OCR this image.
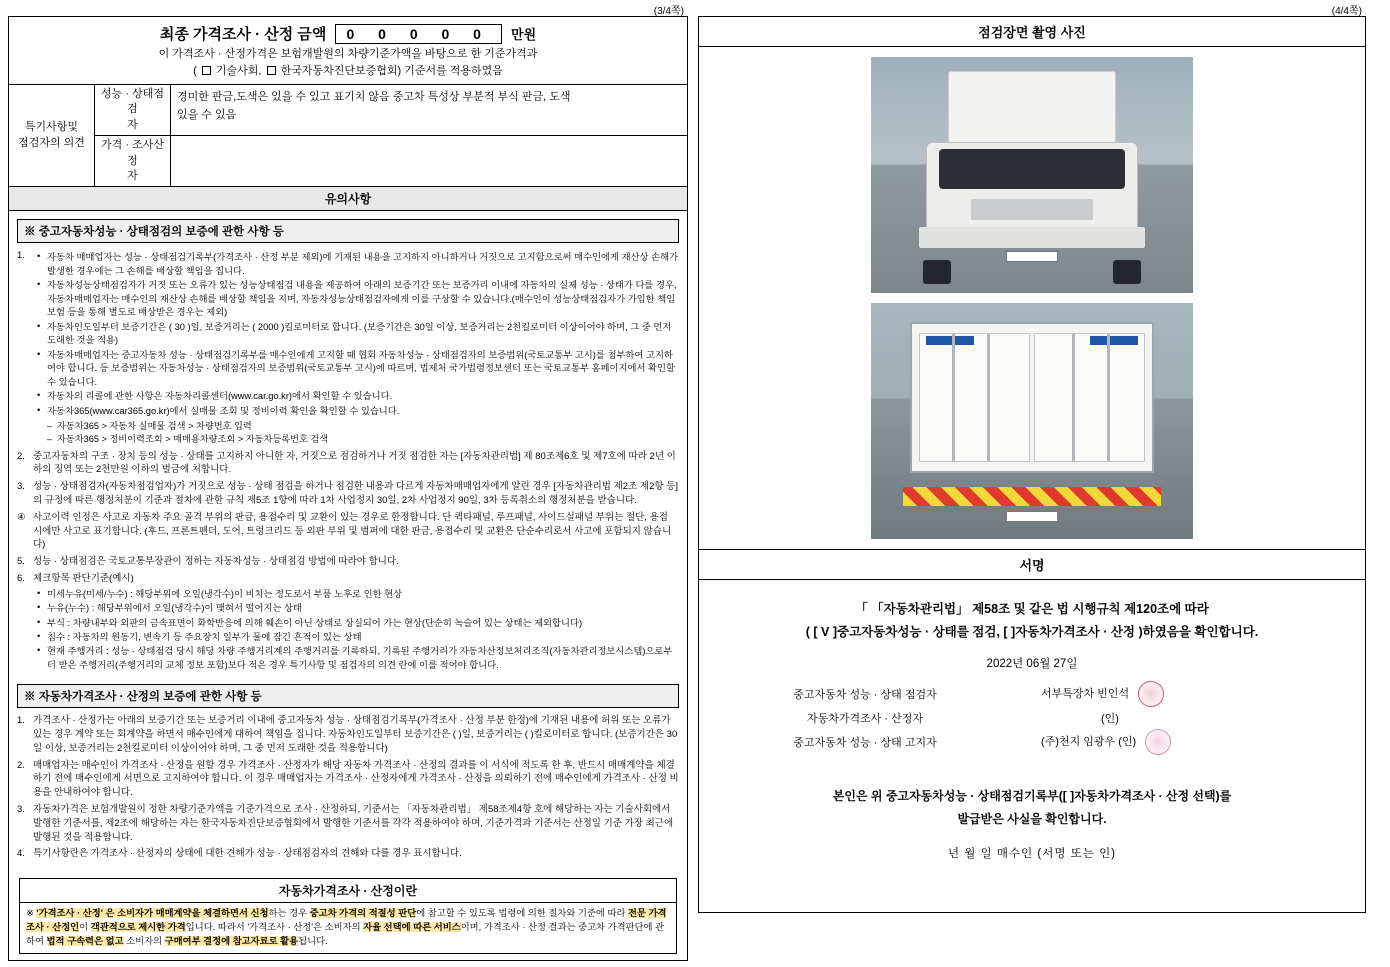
(3/4쪽)
최종 가격조사 · 산정 금액 0 0 0 0 0 만원
이 가격조사 · 산정가격은 보험개발원의 차량기준가액을 바탕으로 한 기준가격과
( 기술사회, 한국자동차진단보증협회) 기준서를 적용하였음
특기사항및
점검자의 의견
성능 · 상태점검
자
경미한 판금,도색은 있을 수 있고 표기치 않음 중고차 특성상 부분적 부식 판금, 도색
있을 수 있음
가격 · 조사산정
자
유의사항
※ 중고자동차성능 · 상태점검의 보증에 관한 사항 등
1.	• 자동차 매매업자는 성능 · 상태점검기록부(가격조사 · 산정 부분 제외)에 기재된 내용을 고지하지 아니하거나 거짓으로 고지함으로써 매수인에게 재산상 손해가 발생한 경우에는 그 손해를 배상할 책임을 집니다.
• 자동차성능상태점검자가 거짓 또는 오류가 있는 성능상태점검 내용을 제공하여 아래의 보증기간 또는 보증거리 이내에 자동차의 실제 성능 · 상태가 다를 경우, 자동차매매업자는 매수인의 재산상 손해를 배상할 책임을 지며, 자동차성능상태점검자에게 이를 구상할 수 있습니다.(매수인이 성능상태점검자가 가입한 책임보험 등을 통해 별도로 배상받은 경우는 제외)
• 자동차인도일부터 보증기간은 ( 30 )일, 보증거리는 ( 2000 )킬로미터로 합니다. (보증기간은 30일 이상, 보증거리는 2천킬로미터 이상이어야 하며, 그 중 먼저 도래한 것을 적용)
• 자동차매매업자는 중고자동차 성능 · 상태점검기록부를 매수인에게 고지할 때 협회 자동차성능 · 상태점검자의 보증범위(국토교통부 고시)를 첨부하여 고지하여야 합니다. 등 보증범위는 자동차성능 · 상태점검자의 보증범위(국토교통부 고시)에 따르며, 법제처 국가법령정보센터 또는 국토교통부 홈페이지에서 확인할 수 있습니다.
• 자동차의 리콜에 관한 사항은 자동차리콜센터(www.car.go.kr)에서 확인할 수 있습니다.
• 자동차365(www.car365.go.kr)에서 실매물 조회 및 정비이력 확인을 확인할 수 있습니다.
– 자동차365 > 자동차 실매물 검색 > 차량번호 입력
– 자동차365 > 정비이력조회 > 매매용차량조회 > 자동차등록번호 검색
2. 중고자동차의 구조 · 장치 등의 성능 · 상태를 고지하지 아니한 자, 거짓으로 점검하거나 거짓 점검한 자는 [자동차관리법] 제 80조제6호 및 제7호에 따라 2년 이하의 징역 또는 2천만원 이하의 벌금에 처합니다.
3. 성능 · 상태점검자(자동차점검업자)가 거짓으로 성능 · 상태 점검을 하거나 점검한 내용과 다르게 자동차매매업자에게 알린 경우 [자동차관리법 제2조 제2항 등]의 규정에 따른 행정처분이 기준과 절차에 관한 규칙 제5조 1항에 따라 1차 사업정지 30일, 2차 사업정지 90일, 3차 등록취소의 행정처분을 받습니다.
④ 사고이력 인정은 사고로 자동차 주요 골격 부위의 판금, 용접수리 및 교환이 있는 경우로 한정합니다. 단 퀵타패널, 루프패널, 사이드실패널 부위는 절단, 용접 시에만 사고로 표기합니다. (후드, 프론트펜더, 도어, 트렁크리드 등 외판 부위 및 범퍼에 대한 판금, 용접수리 및 교환은 단순수리로서 사고에 포함되지 않습니다)
5. 성능 · 상태점검은 국토교통부장관이 정하는 자동차성능 · 상태점검 방법에 따라야 합니다.
6. 체크항목 판단기준(예시)
• 미세누유(미세/누수) : 해당부위에 오일(냉각수)이 비치는 정도로서 부품 노후로 인한 현상
• 누유(누수) : 해당부위에서 오일(냉각수)이 맺혀서 떨어지는 상태
• 부식 : 차량내부와 외판의 금속표면이 화학반응에 의해 훼손이 아닌 상태로 상실되어 가는 현상(단순히 녹슬어 있는 상태는 제외합니다)
• 침수 : 자동차의 원동기, 변속기 등 주요장치 일부가 물에 잠긴 흔적이 있는 상태
• 현재 주행거리 : 성능 · 상태점검 당시 해당 차량 주행거리계의 주행거리를 기록하되, 기록된 주행거리가 자동차산정보처리조직(자동차관리정보시스템)으로부터 받은 주행거리(주행거리의 교체 정보 포함)보다 적은 경우 특기사항 및 점검자의 의견 란에 이를 적어야 합니다.
※ 자동차가격조사 · 산정의 보증에 관한 사항 등
1. 가격조사 · 산정가는 아래의 보증기간 또는 보증거리 이내에 중고자동차 성능 · 상태점검기록부(가격조사 · 산정 부분 한정)에 기재된 내용에 허위 또는 오류가 있는 경우 계약 또는 회계약을 하면서 매수인에게 대하여 책임을 집니다. 자동차인도일부터 보증기간은 ( )일, 보증거리는 ( )킬로미터로 합니다. (보증기간은 30일 이상, 보증거리는 2천킬로미터 이상이어야 하며, 그 중 먼저 도래한 것을 적용합니다)
2. 매매업자는 매수인이 가격조사 · 산정을 원할 경우 가격조사 · 산정자가 해당 자동차 가격조사 · 산정의 결과를 이 서식에 적도록 한 후, 반드시 매매계약을 체결하기 전에 매수인에게 서면으로 고지하여야 합니다. 이 경우 매매업자는 가격조사 · 산정자에게 가격조사 · 산정을 의뢰하기 전에 매수인에게 가격조사 · 산정 비용을 안내하여야 합니다.
3. 자동차가격은 보험개발원이 정한 차량기준가액을 기준가격으로 조사 · 산정하되, 기준서는 「자동차관리법」 제58조제4항 호에 해당하는 자는 기술사회에서 발행한 기준서를, 제2조에 해당하는 자는 한국자동차진단보증협회에서 발행한 기준서를 각각 적용하여야 하며, 기준가격과 기준서는 산정일 기준 가장 최근에 발행된 것을 적용합니다.
4. 특기사항란은 가격조사 · 산정자의 상태에 대한 견해가 성능 · 상태점검자의 견해와 다를 경우 표시합니다.
자동차가격조사 · 산정이란
※ '가격조사 · 산정' 은 소비자가 매매계약을 체결하면서 신청하는 경우 중고차 가격의 적절성 판단에 참고할 수 있도록 법령에 의한 절차와 기준에 따라 전문 가격조사 · 산정인이 객관적으로 제시한 가격입니다. 따라서 '가격조사 · 산정'은 소비자의 자율 선택에 따른 서비스이며, 가격조사 · 산정 결과는 중고차 가격판단에 관하여 법적 구속력은 없고 소비자의 구매여부 결정에 참고자료로 활용됩니다.
(4/4쪽)
점검장면 촬영 사진
서명
「 「자동차관리법」 제58조 및 같은 법 시행규칙 제120조에 따라
( [ V ]중고자동차성능 · 상태를 점검, [ ]자동차가격조사 · 산정 )하였음을 확인합니다.
2022년 06월 27일
중고자동차 성능 · 상태 점검자	서부특장차 빈인석
자동차가격조사 · 산정자	(인)
중고자동차 성능 · 상태 고지자	(주)천지 임광우 (인)
본인은 위 중고자동차성능 · 상태점검기록부([ ]자동차가격조사 · 산정 선택)를
발급받은 사실을 확인합니다.
년 월 일 매수인 (서명 또는 인)
